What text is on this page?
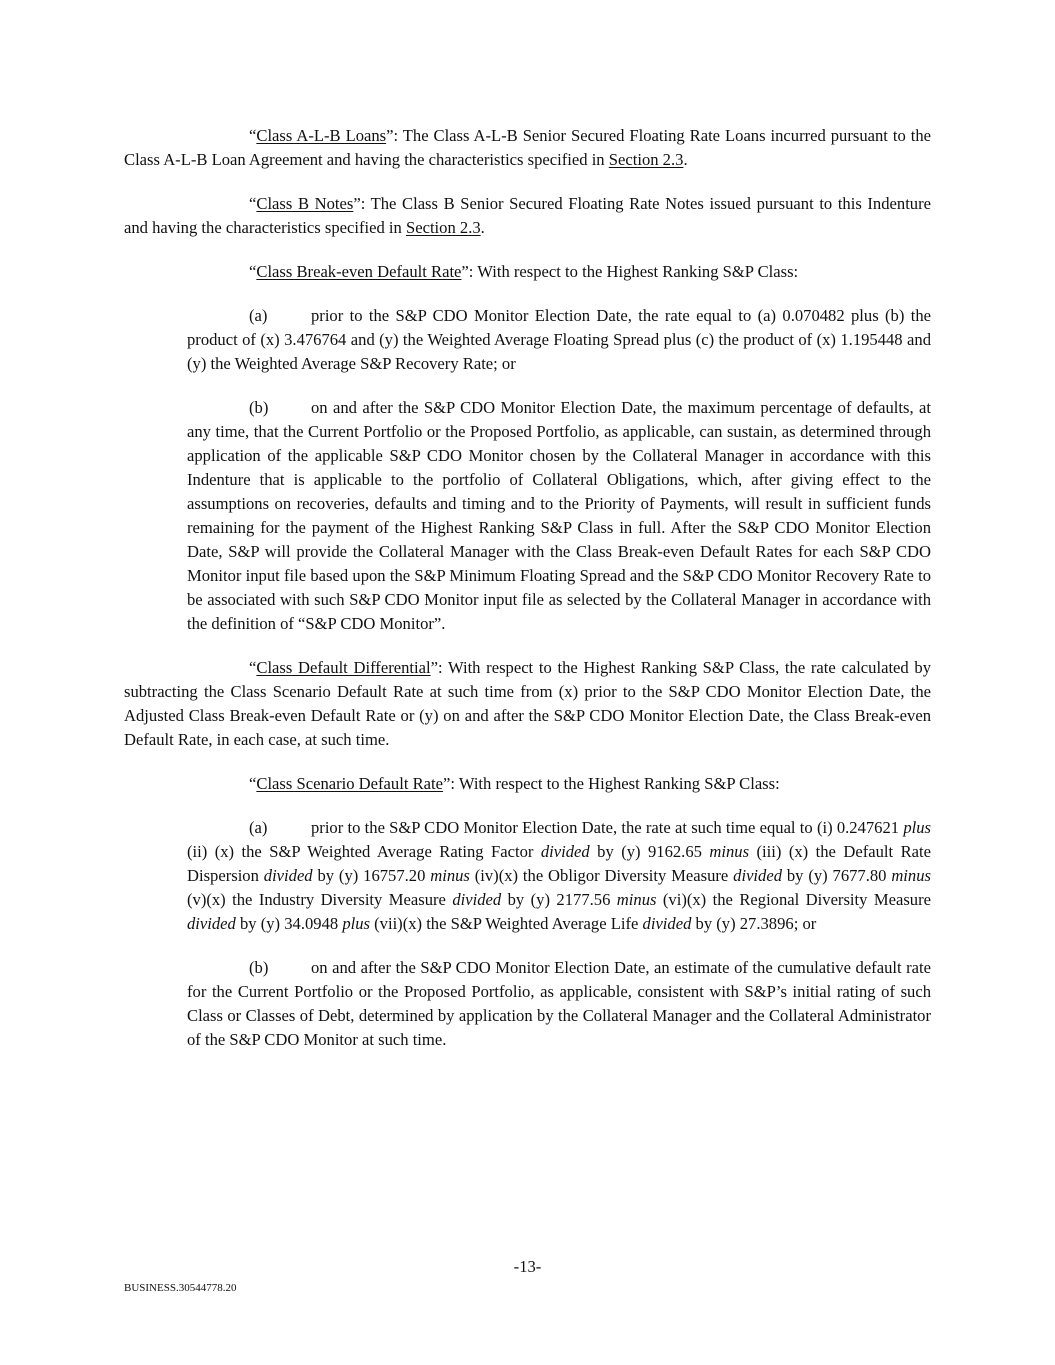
“Class A-L-B Loans”: The Class A-L-B Senior Secured Floating Rate Loans incurred pursuant to the Class A-L-B Loan Agreement and having the characteristics specified in Section 2.3.

“Class B Notes”: The Class B Senior Secured Floating Rate Notes issued pursuant to this Indenture and having the characteristics specified in Section 2.3.

“Class Break-even Default Rate”: With respect to the Highest Ranking S&P Class:

(a)	prior to the S&P CDO Monitor Election Date, the rate equal to (a) 0.070482 plus (b) the product of (x) 3.476764 and (y) the Weighted Average Floating Spread plus (c) the product of (x) 1.195448 and (y) the Weighted Average S&P Recovery Rate; or

(b)	on and after the S&P CDO Monitor Election Date, the maximum percentage of defaults, at any time, that the Current Portfolio or the Proposed Portfolio, as applicable, can sustain, as determined through application of the applicable S&P CDO Monitor chosen by the Collateral Manager in accordance with this Indenture that is applicable to the portfolio of Collateral Obligations, which, after giving effect to the assumptions on recoveries, defaults and timing and to the Priority of Payments, will result in sufficient funds remaining for the payment of the Highest Ranking S&P Class in full. After the S&P CDO Monitor Election Date, S&P will provide the Collateral Manager with the Class Break-even Default Rates for each S&P CDO Monitor input file based upon the S&P Minimum Floating Spread and the S&P CDO Monitor Recovery Rate to be associated with such S&P CDO Monitor input file as selected by the Collateral Manager in accordance with the definition of “S&P CDO Monitor”.

“Class Default Differential”: With respect to the Highest Ranking S&P Class, the rate calculated by subtracting the Class Scenario Default Rate at such time from (x) prior to the S&P CDO Monitor Election Date, the Adjusted Class Break-even Default Rate or (y) on and after the S&P CDO Monitor Election Date, the Class Break-even Default Rate, in each case, at such time.

“Class Scenario Default Rate”: With respect to the Highest Ranking S&P Class:

(a)	prior to the S&P CDO Monitor Election Date, the rate at such time equal to (i) 0.247621 plus (ii) (x) the S&P Weighted Average Rating Factor divided by (y) 9162.65 minus (iii) (x) the Default Rate Dispersion divided by (y) 16757.20 minus (iv)(x) the Obligor Diversity Measure divided by (y) 7677.80 minus (v)(x) the Industry Diversity Measure divided by (y) 2177.56 minus (vi)(x) the Regional Diversity Measure divided by (y) 34.0948 plus (vii)(x) the S&P Weighted Average Life divided by (y) 27.3896; or

(b)	on and after the S&P CDO Monitor Election Date, an estimate of the cumulative default rate for the Current Portfolio or the Proposed Portfolio, as applicable, consistent with S&P’s initial rating of such Class or Classes of Debt, determined by application by the Collateral Manager and the Collateral Administrator of the S&P CDO Monitor at such time.

-13-
BUSINESS.30544778.20
